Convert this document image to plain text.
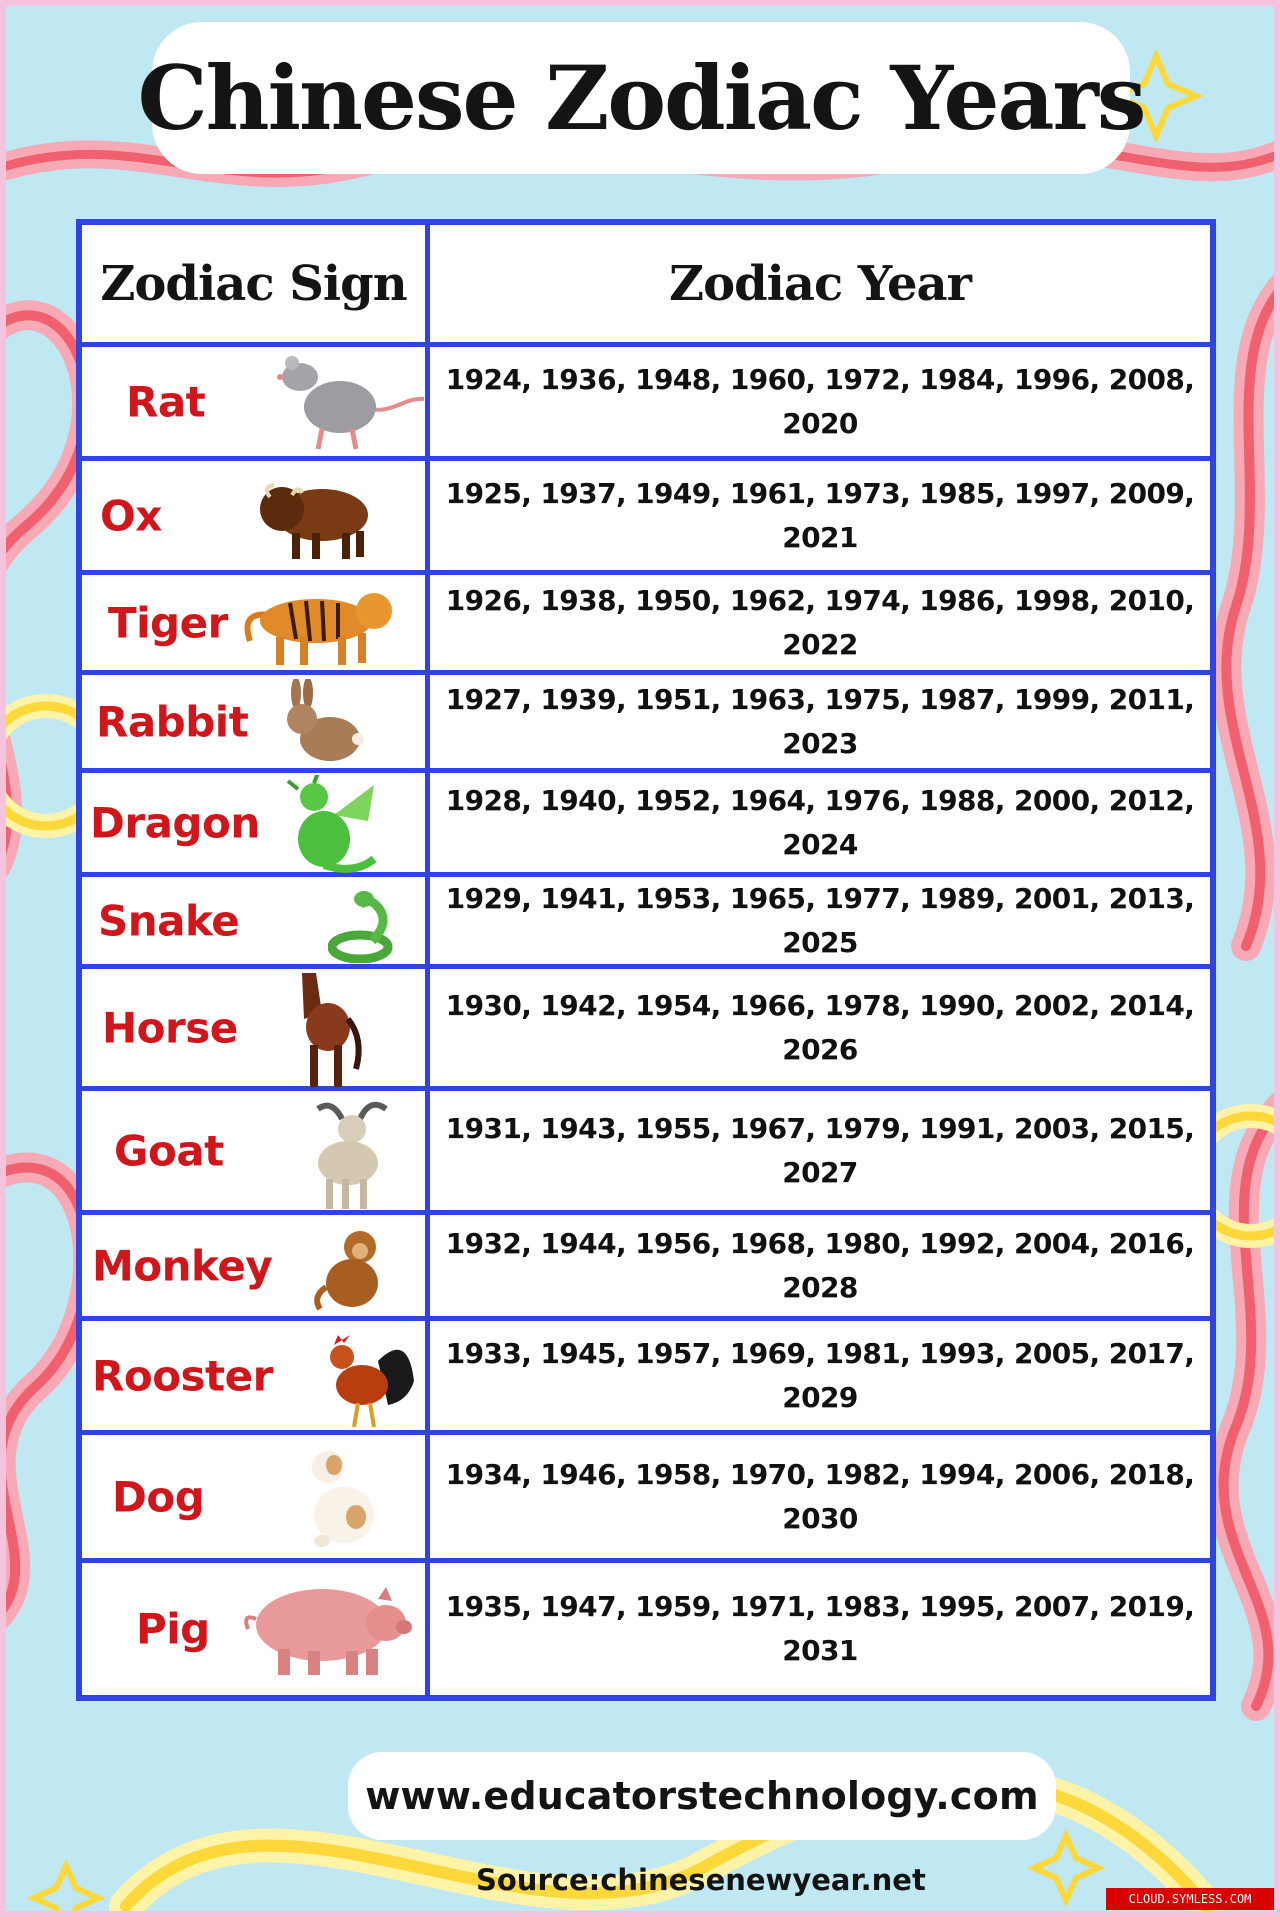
Chinese Zodiac Years
Zodiac Sign	Zodiac Year
Rat	1924, 1936, 1948, 1960, 1972, 1984, 1996, 2008, 2020
Ox	1925, 1937, 1949, 1961, 1973, 1985, 1997, 2009, 2021
Tiger	1926, 1938, 1950, 1962, 1974, 1986, 1998, 2010, 2022
Rabbit	1927, 1939, 1951, 1963, 1975, 1987, 1999, 2011, 2023
Dragon	1928, 1940, 1952, 1964, 1976, 1988, 2000, 2012, 2024
Snake	1929, 1941, 1953, 1965, 1977, 1989, 2001, 2013, 2025
Horse	1930, 1942, 1954, 1966, 1978, 1990, 2002, 2014, 2026
Goat	1931, 1943, 1955, 1967, 1979, 1991, 2003, 2015, 2027
Monkey	1932, 1944, 1956, 1968, 1980, 1992, 2004, 2016, 2028
Rooster	1933, 1945, 1957, 1969, 1981, 1993, 2005, 2017, 2029
Dog	1934, 1946, 1958, 1970, 1982, 1994, 2006, 2018, 2030
Pig	1935, 1947, 1959, 1971, 1983, 1995, 2007, 2019, 2031
www.educatorstechnology.com
Source:chinesenewyear.net
CLOUD.SYMLESS.COM
